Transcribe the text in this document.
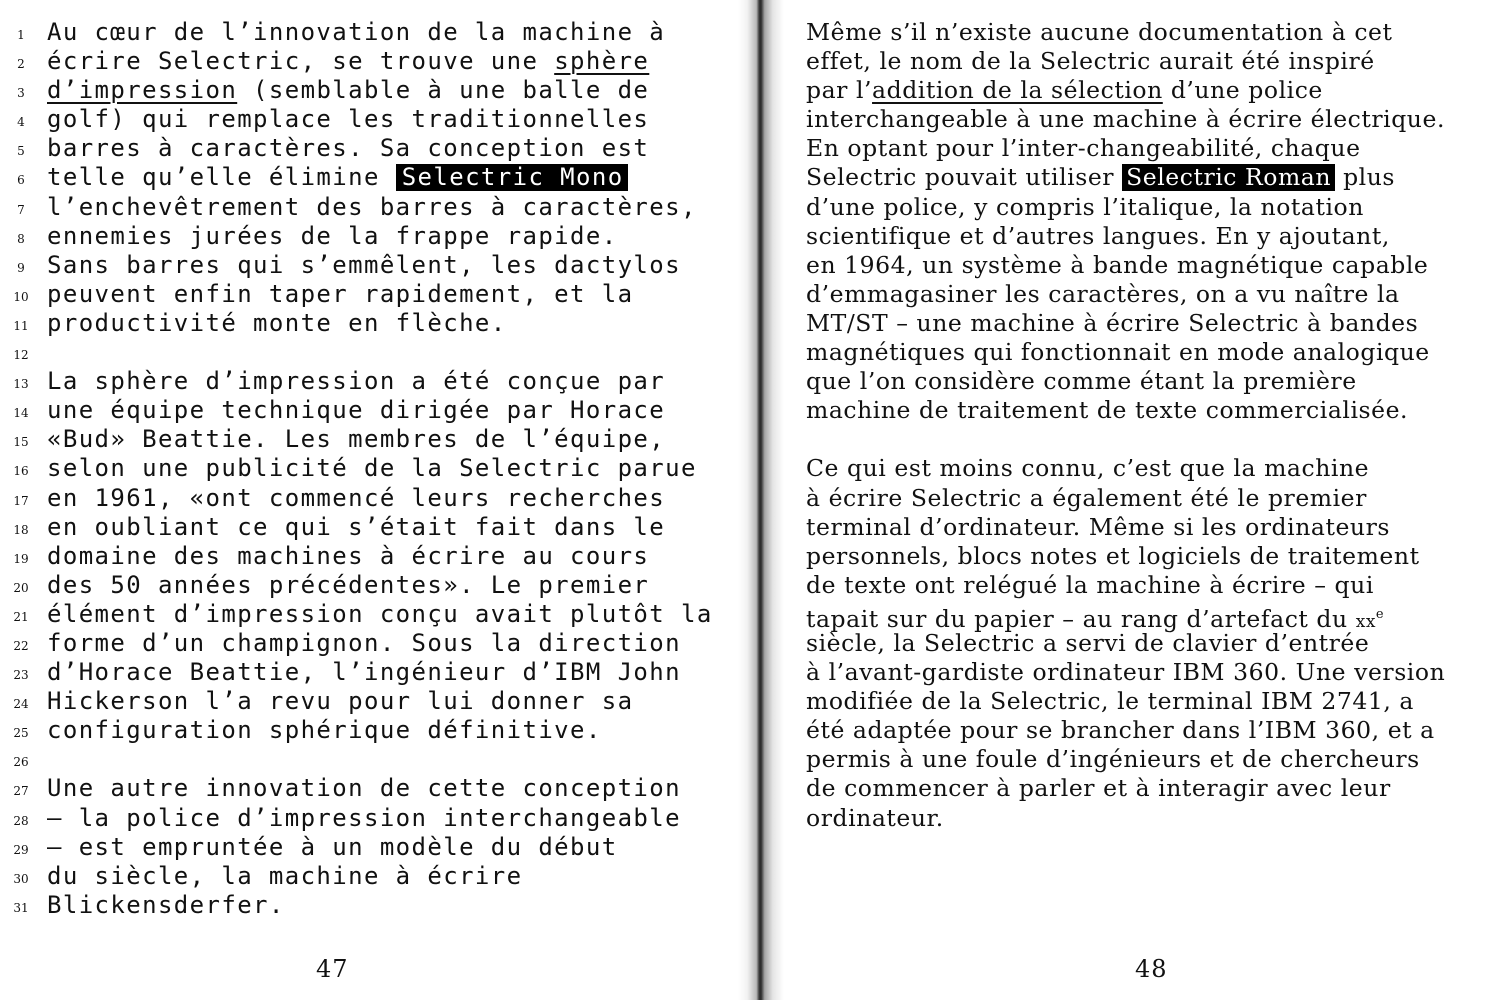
1 Au cœur de l’innovation de la machine à
2 écrire Selectric, se trouve une sphère
3 d’impression (semblable à une balle de
4 golf) qui remplace les traditionnelles
5 barres à caractères. Sa conception est
6 telle qu’elle élimine Selectric Mono
7 l’enchevêtrement des barres à caractères,
8 ennemies jurées de la frappe rapide.
9 Sans barres qui s’emmêlent, les dactylos
10 peuvent enfin taper rapidement, et la
11 productivité monte en flèche.
12
13 La sphère d’impression a été conçue par
14 une équipe technique dirigée par Horace
15 «Bud» Beattie. Les membres de l’équipe,
16 selon une publicité de la Selectric parue
17 en 1961, «ont commencé leurs recherches
18 en oubliant ce qui s’était fait dans le
19 domaine des machines à écrire au cours
20 des 50 années précédentes». Le premier
21 élément d’impression conçu avait plutôt la
22 forme d’un champignon. Sous la direction
23 d’Horace Beattie, l’ingénieur d’IBM John
24 Hickerson l’a revu pour lui donner sa
25 configuration sphérique définitive.
26
27 Une autre innovation de cette conception
28 – la police d’impression interchangeable
29 – est empruntée à un modèle du début
30 du siècle, la machine à écrire
31 Blickensderfer.
47
Même s’il n’existe aucune documentation à cet
effet, le nom de la Selectric aurait été inspiré
par l’addition de la sélection d’une police
interchangeable à une machine à écrire électrique.
En optant pour l’inter-changeabilité, chaque
Selectric pouvait utiliser Selectric Roman plus
d’une police, y compris l’italique, la notation
scientifique et d’autres langues. En y ajoutant,
en 1964, un système à bande magnétique capable
d’emmagasiner les caractères, on a vu naître la
MT/ST – une machine à écrire Selectric à bandes
magnétiques qui fonctionnait en mode analogique
que l’on considère comme étant la première
machine de traitement de texte commercialisée.
Ce qui est moins connu, c’est que la machine
à écrire Selectric a également été le premier
terminal d’ordinateur. Même si les ordinateurs
personnels, blocs notes et logiciels de traitement
de texte ont relégué la machine à écrire – qui
tapait sur du papier – au rang d’artefact du $xx^e$
siècle, la Selectric a servi de clavier d’entrée
à l’avant-gardiste ordinateur IBM 360. Une version
modifiée de la Selectric, le terminal IBM 2741, a
été adaptée pour se brancher dans l’IBM 360, et a
permis à une foule d’ingénieurs et de chercheurs
de commencer à parler et à interagir avec leur
ordinateur.
48
